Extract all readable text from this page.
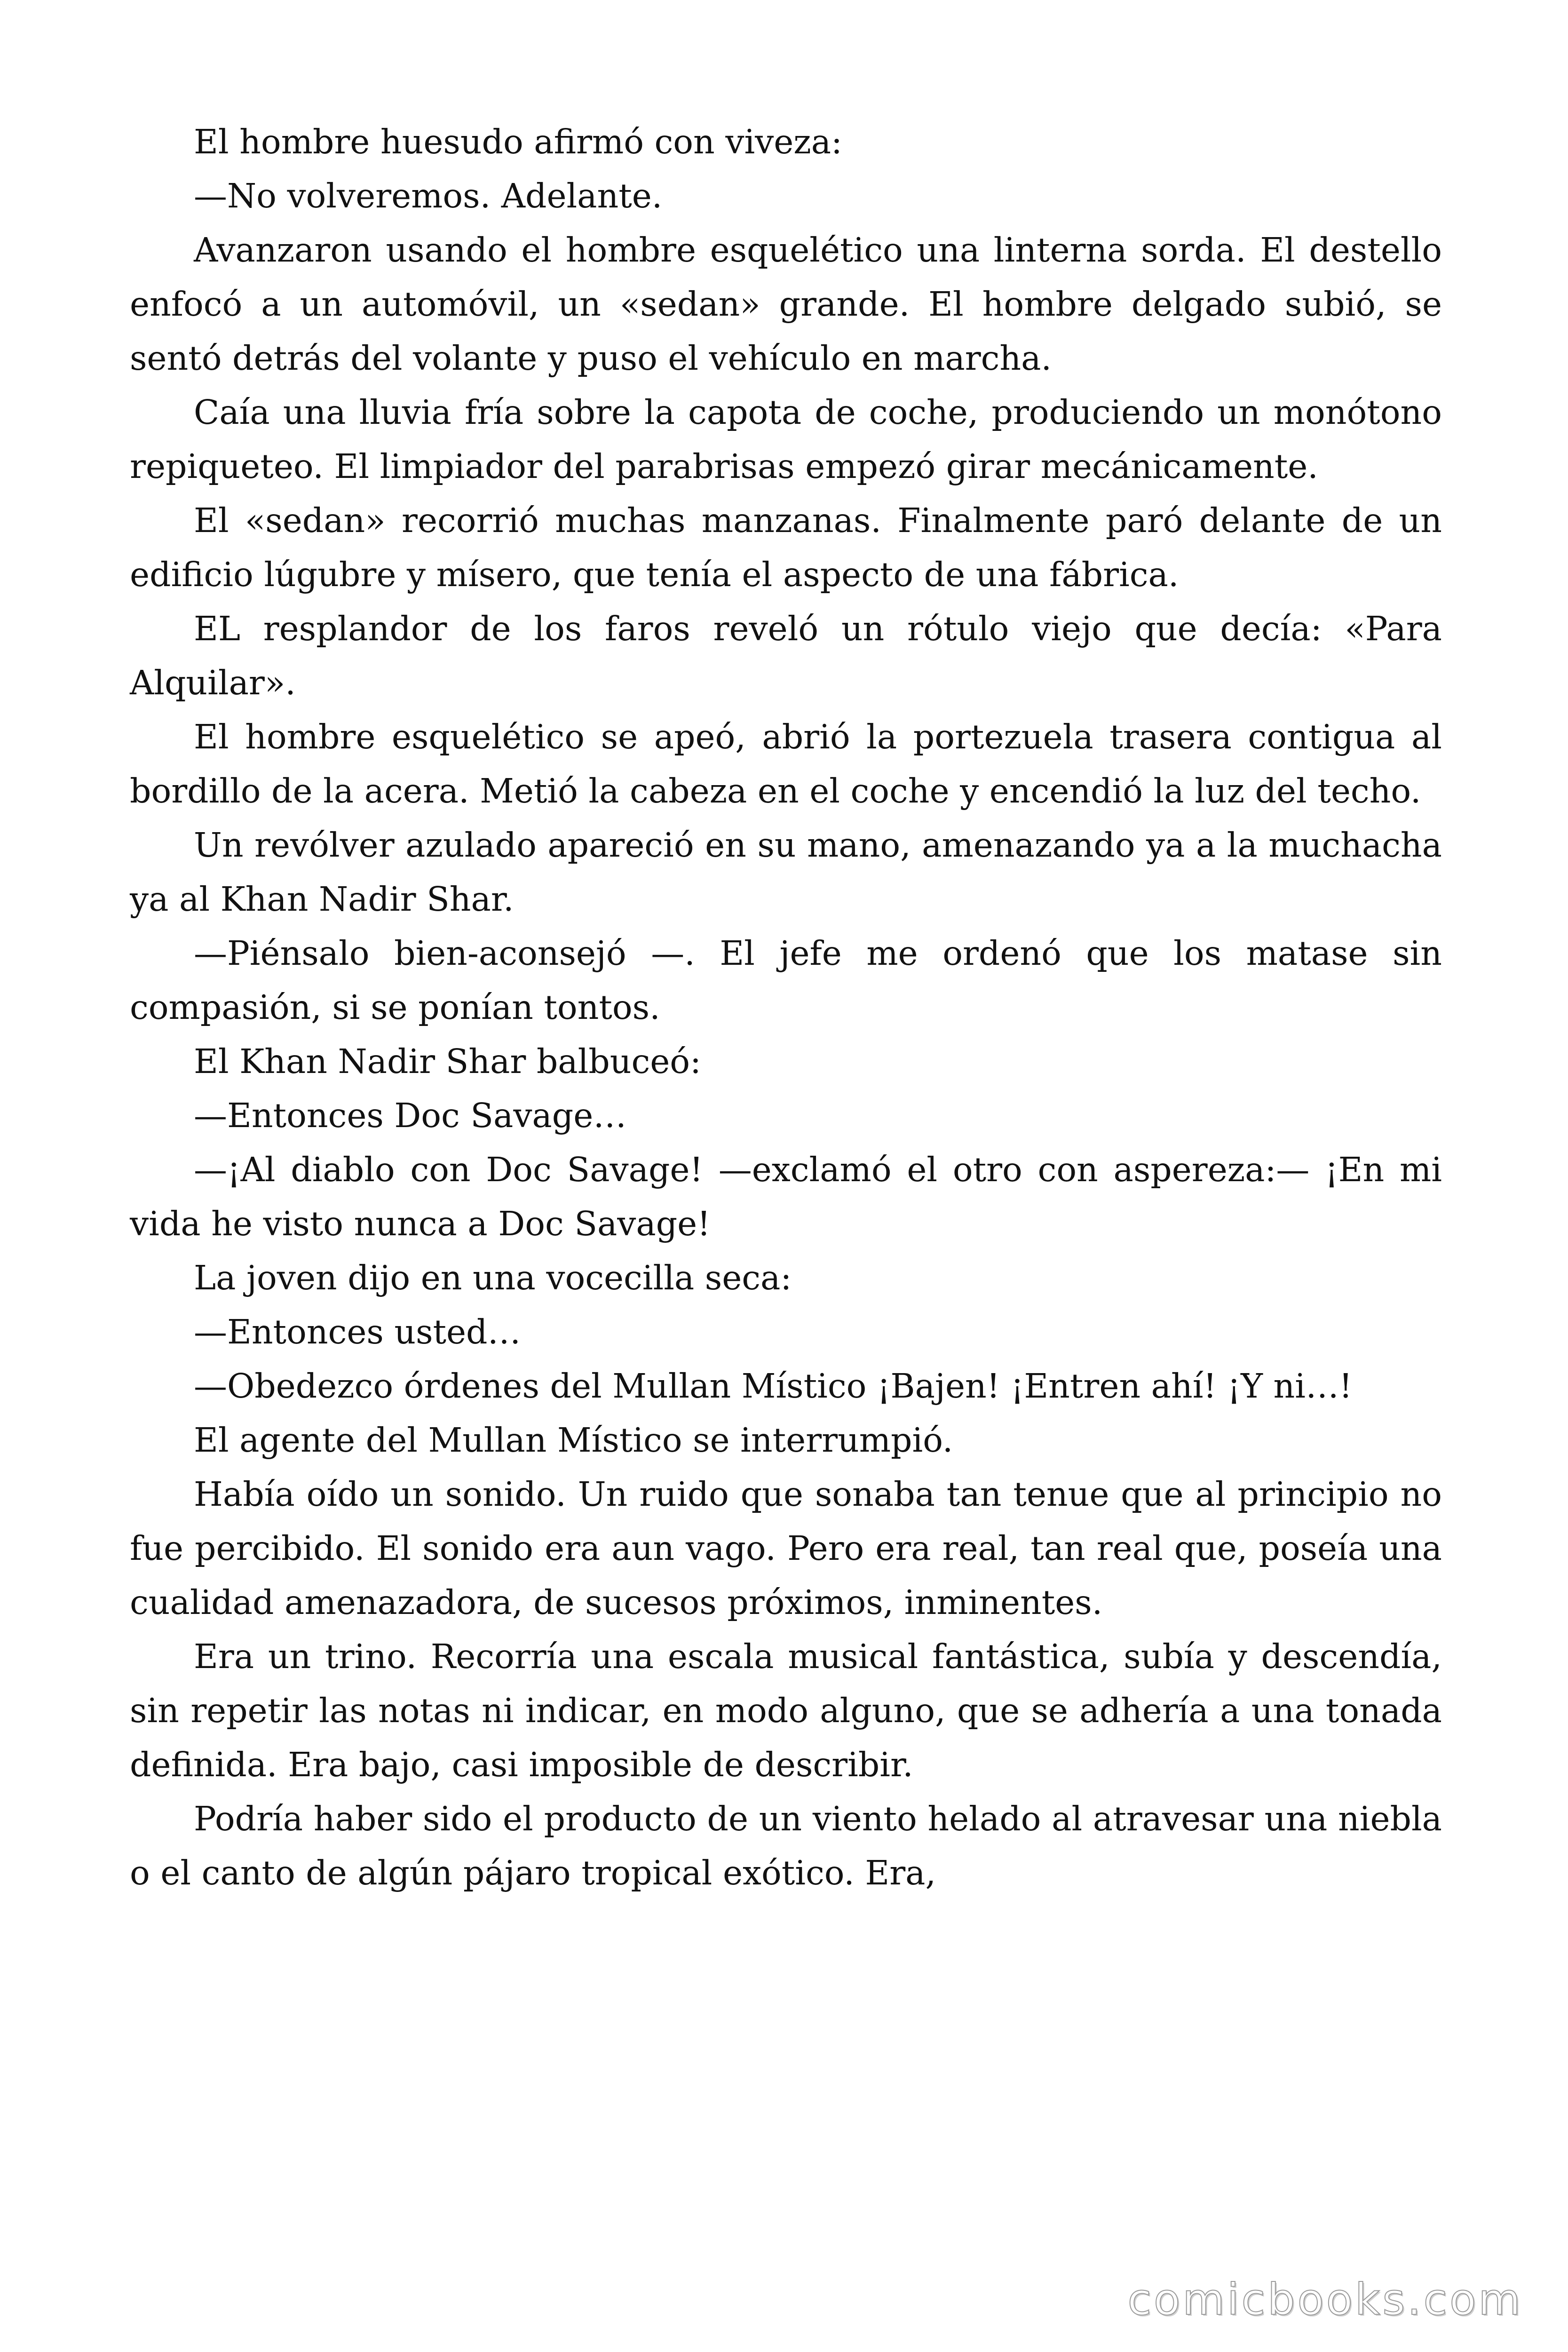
El hombre huesudo afirmó con viveza:

—No volveremos. Adelante.

Avanzaron usando el hombre esquelético una linterna sorda. El destello enfocó a un automóvil, un «sedan» grande. El hombre delgado subió, se sentó detrás del volante y puso el vehículo en marcha.

Caía una lluvia fría sobre la capota de coche, produciendo un monótono repiqueteo. El limpiador del parabrisas empezó girar mecánicamente.

El «sedan» recorrió muchas manzanas. Finalmente paró delante de un edificio lúgubre y mísero, que tenía el aspecto de una fábrica.

EL resplandor de los faros reveló un rótulo viejo que decía: «Para Alquilar».

El hombre esquelético se apeó, abrió la portezuela trasera contigua al bordillo de la acera. Metió la cabeza en el coche y encendió la luz del techo.

Un revólver azulado apareció en su mano, amenazando ya a la muchacha ya al Khan Nadir Shar.

—Piénsalo bien-aconsejó —. El jefe me ordenó que los matase sin compasión, si se ponían tontos.

El Khan Nadir Shar balbuceó:

—Entonces Doc Savage…

—¡Al diablo con Doc Savage! —exclamó el otro con aspereza:— ¡En mi vida he visto nunca a Doc Savage!

La joven dijo en una vocecilla seca:

—Entonces usted…

—Obedezco órdenes del Mullan Místico ¡Bajen! ¡Entren ahí! ¡Y ni…!

El agente del Mullan Místico se interrumpió.

Había oído un sonido. Un ruido que sonaba tan tenue que al principio no fue percibido. El sonido era aun vago. Pero era real, tan real que, poseía una cualidad amenazadora, de sucesos próximos, inminentes.

Era un trino. Recorría una escala musical fantástica, subía y descendía, sin repetir las notas ni indicar, en modo alguno, que se adhería a una tonada definida. Era bajo, casi imposible de describir.

Podría haber sido el producto de un viento helado al atravesar una niebla o el canto de algún pájaro tropical exótico. Era,

comicbooks.com
